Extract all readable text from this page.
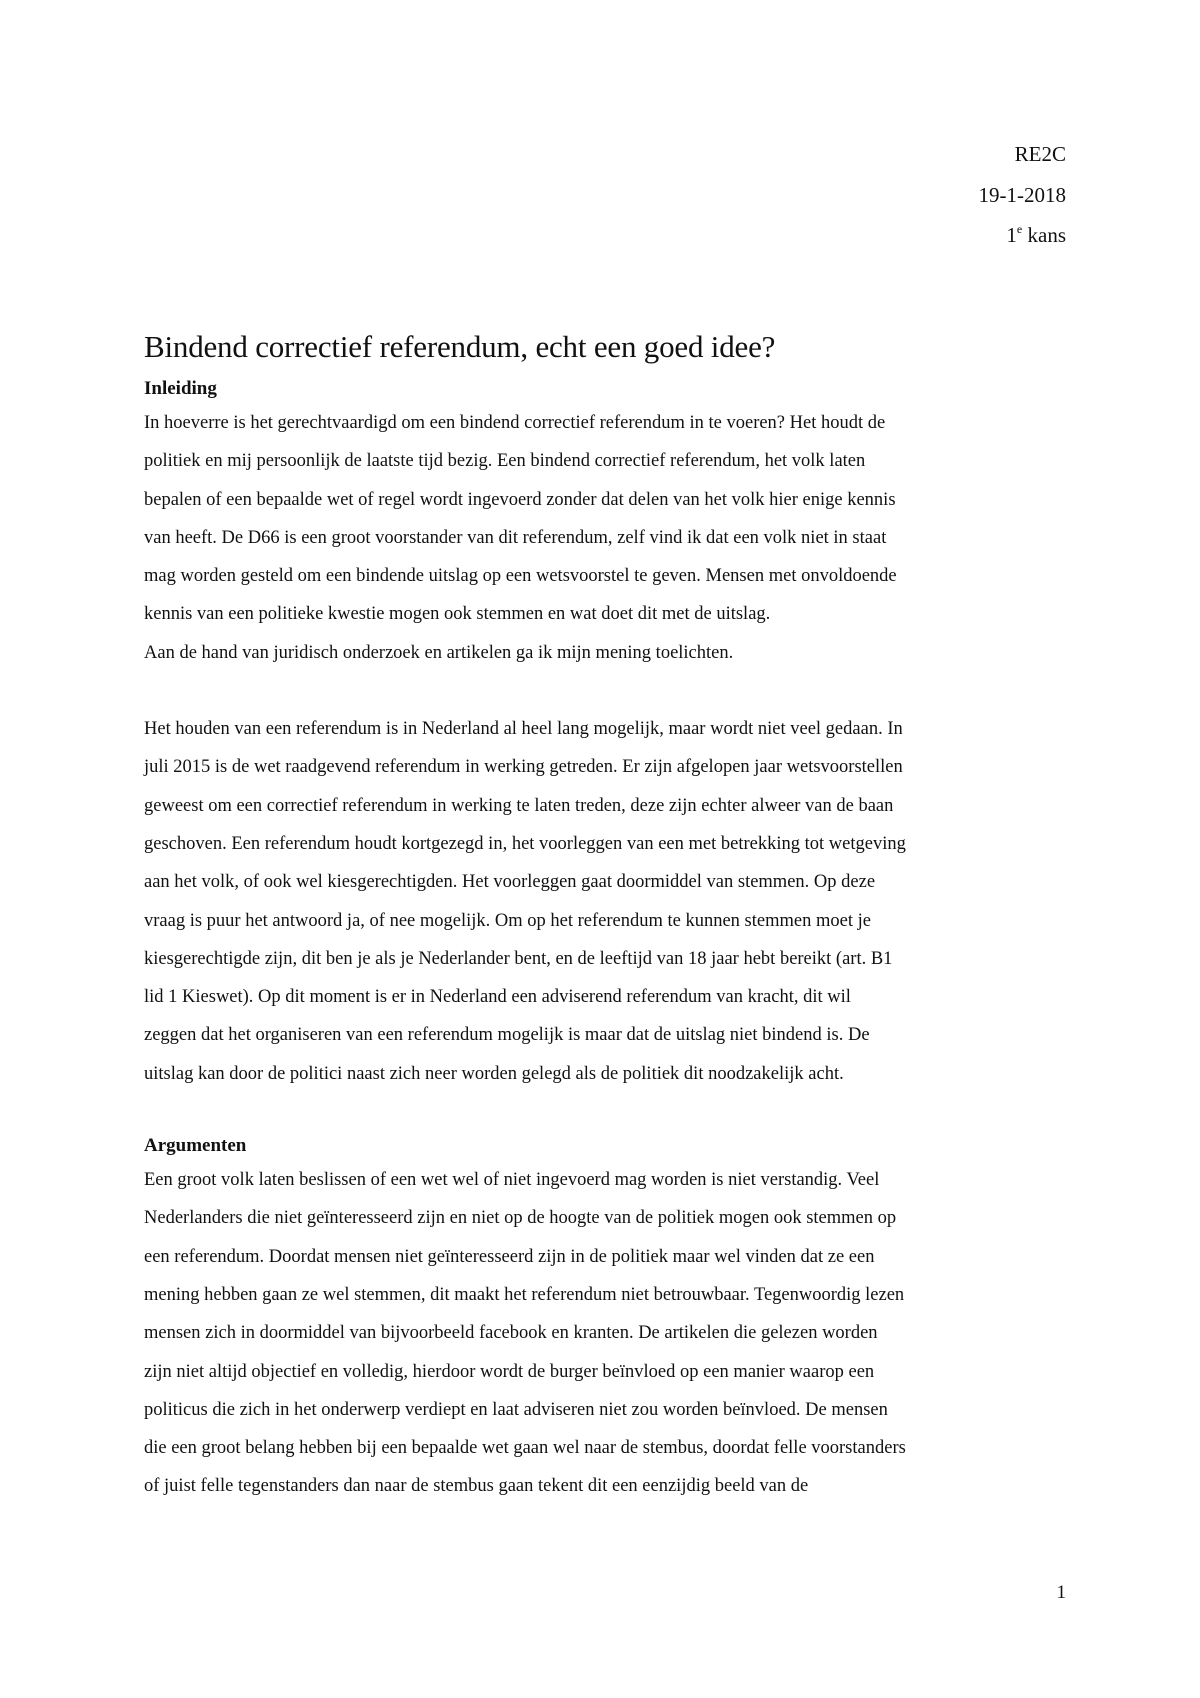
RE2C
19-1-2018
1e kans
Bindend correctief referendum, echt een goed idee?
Inleiding

In hoeverre is het gerechtvaardigd om een bindend correctief referendum in te voeren? Het houdt de
politiek en mij persoonlijk de laatste tijd bezig. Een bindend correctief referendum, het volk laten
bepalen of een bepaalde wet of regel wordt ingevoerd zonder dat delen van het volk hier enige kennis
van heeft. De D66 is een groot voorstander van dit referendum, zelf vind ik dat een volk niet in staat
mag worden gesteld om een bindende uitslag op een wetsvoorstel te geven. Mensen met onvoldoende
kennis van een politieke kwestie mogen ook stemmen en wat doet dit met de uitslag.
Aan de hand van juridisch onderzoek en artikelen ga ik mijn mening toelichten.

Het houden van een referendum is in Nederland al heel lang mogelijk, maar wordt niet veel gedaan. In
juli 2015 is de wet raadgevend referendum in werking getreden. Er zijn afgelopen jaar wetsvoorstellen
geweest om een correctief referendum in werking te laten treden, deze zijn echter alweer van de baan
geschoven. Een referendum houdt kortgezegd in, het voorleggen van een met betrekking tot wetgeving
aan het volk, of ook wel kiesgerechtigden. Het voorleggen gaat doormiddel van stemmen. Op deze
vraag is puur het antwoord ja, of nee mogelijk. Om op het referendum te kunnen stemmen moet je
kiesgerechtigde zijn, dit ben je als je Nederlander bent, en de leeftijd van 18 jaar hebt bereikt (art. B1
lid 1 Kieswet). Op dit moment is er in Nederland een adviserend referendum van kracht, dit wil
zeggen dat het organiseren van een referendum mogelijk is maar dat de uitslag niet bindend is. De
uitslag kan door de politici naast zich neer worden gelegd als de politiek dit noodzakelijk acht.

Argumenten

Een groot volk laten beslissen of een wet wel of niet ingevoerd mag worden is niet verstandig. Veel
Nederlanders die niet geïnteresseerd zijn en niet op de hoogte van de politiek mogen ook stemmen op
een referendum. Doordat mensen niet geïnteresseerd zijn in de politiek maar wel vinden dat ze een
mening hebben gaan ze wel stemmen, dit maakt het referendum niet betrouwbaar. Tegenwoordig lezen
mensen zich in doormiddel van bijvoorbeeld facebook en kranten. De artikelen die gelezen worden
zijn niet altijd objectief en volledig, hierdoor wordt de burger beïnvloed op een manier waarop een
politicus die zich in het onderwerp verdiept en laat adviseren niet zou worden beïnvloed. De mensen
die een groot belang hebben bij een bepaalde wet gaan wel naar de stembus, doordat felle voorstanders
of juist felle tegenstanders dan naar de stembus gaan tekent dit een eenzijdig beeld van de

1
